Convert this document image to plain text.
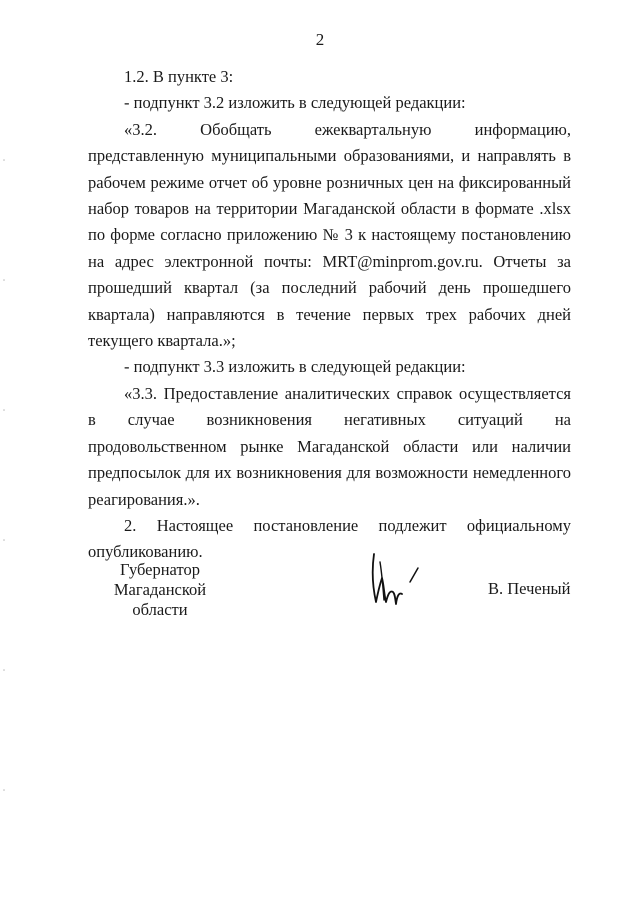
2

1.2. В пункте 3:

- подпункт 3.2 изложить в следующей редакции:

«3.2. Обобщать ежеквартальную информацию, представленную муниципальными образованиями, и направлять в рабочем режиме отчет об уровне розничных цен на фиксированный набор товаров на территории Магаданской области в формате .xlsx по форме согласно приложению № 3 к настоящему постановлению на адрес электронной почты: MRT@minprom.gov.ru. Отчеты за прошедший квартал (за последний рабочий день прошедшего квартала) направляются в течение первых трех рабочих дней текущего квартала.»;

- подпункт 3.3 изложить в следующей редакции:

«3.3. Предоставление аналитических справок осуществляется в случае возникновения негативных ситуаций на продовольственном рынке Магаданской области или наличии предпосылок для их возникновения для возможности немедленного реагирования.».

2. Настоящее постановление подлежит официальному опубликованию.

Губернатор
Магаданской области
В. Печеный
